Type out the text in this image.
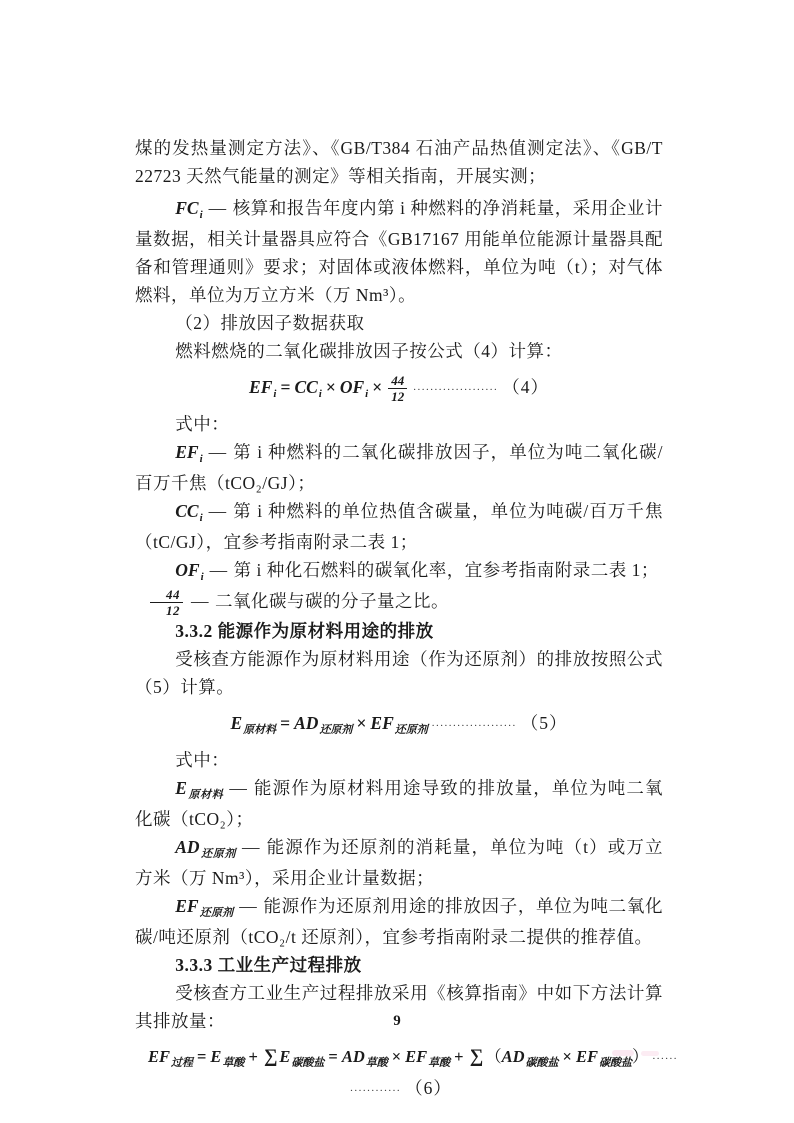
煤的发热量测定方法》、《GB/T384 石油产品热值测定法》、《GB/T 22723 天然气能量的测定》等相关指南，开展实测；

$FC_i$ — 核算和报告年度内第 i 种燃料的净消耗量，采用企业计量数据，相关计量器具应符合《GB17167 用能单位能源计量器具配备和管理通则》要求；对固体或液体燃料，单位为吨（t）；对气体燃料，单位为万立方米（万 Nm³）。

（2）排放因子数据获取

燃料燃烧的二氧化碳排放因子按公式（4）计算：

$EF_i = CC_i \times OF_i \times \frac{44}{12}$ .................... （4）

式中：

$EF_i$ — 第 i 种燃料的二氧化碳排放因子，单位为吨二氧化碳/百万千焦（tCO₂/GJ）；

$CC_i$ — 第 i 种燃料的单位热值含碳量，单位为吨碳/百万千焦（tC/GJ），宜参考指南附录二表 1；

$OF_i$ — 第 i 种化石燃料的碳氧化率，宜参考指南附录二表 1；

$\frac{44}{12}$ — 二氧化碳与碳的分子量之比。

3.3.2 能源作为原材料用途的排放

受核查方能源作为原材料用途（作为还原剂）的排放按照公式（5）计算。

$E_{原材料} = AD_{还原剂} \times EF_{还原剂}$.................... （5）

式中：

$E_{原材料}$ — 能源作为原材料用途导致的排放量，单位为吨二氧化碳（tCO₂）；

$AD_{还原剂}$ — 能源作为还原剂的消耗量，单位为吨（t）或万立方米（万 Nm³），采用企业计量数据；

$EF_{还原剂}$ — 能源作为还原剂用途的排放因子，单位为吨二氧化碳/吨还原剂（tCO₂/t 还原剂），宜参考指南附录二提供的推荐值。

3.3.3 工业生产过程排放

受核查方工业生产过程排放采用《核算指南》中如下方法计算其排放量：

$EF_{过程} = E_{草酸}$ + ∑ $E_{碳酸盐} = AD_{草酸} \times EF_{草酸}$ + ∑ $(AD_{碳酸盐} \times EF_{碳酸盐})$ ......
............ （6）
9
